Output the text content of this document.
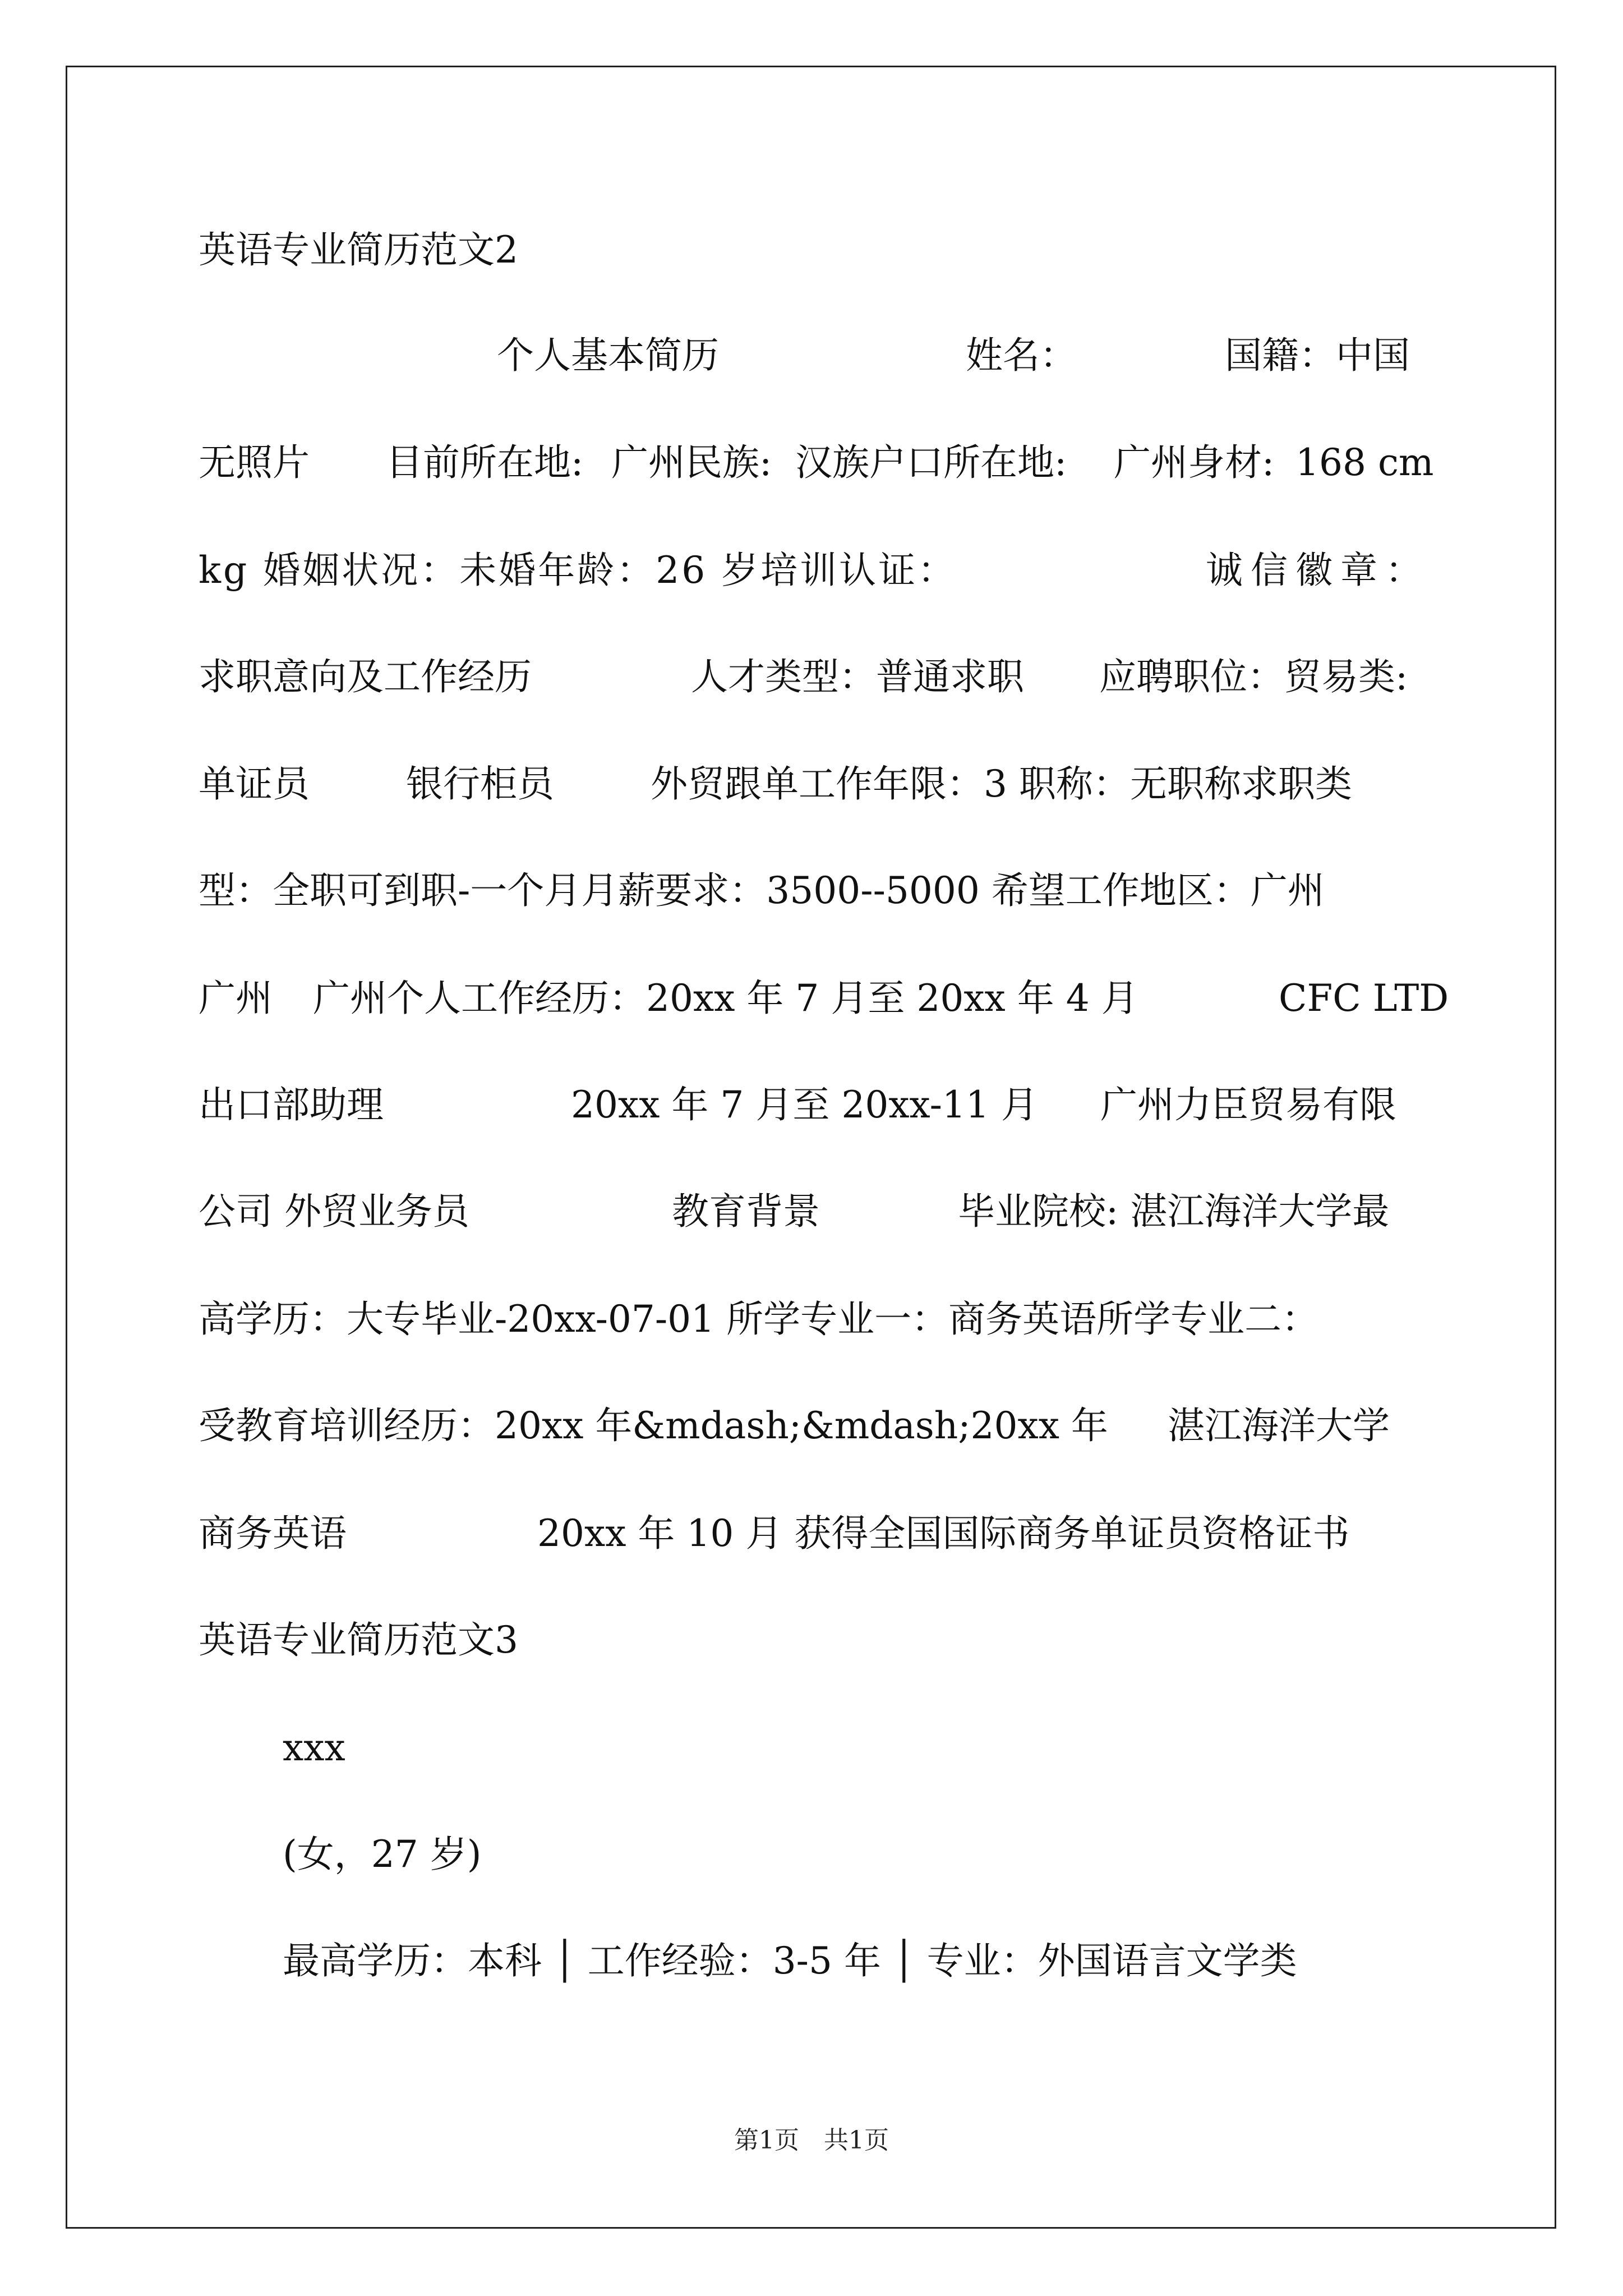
英语专业简历范文2
个人基本简历	姓名：	国籍：中国
无照片 目前所在地: 广州民族: 汉族户口所在地: 广州身材: 168 cm
kg 婚姻状况：未婚年龄：26 岁培训认证：	诚信徽章：
求职意向及工作经历	人才类型：普通求职 应聘职位：贸易类:
单证员	银行柜员	外贸跟单工作年限：3 职称：无职称求职类
型：全职可到职-一个月月薪要求：3500--5000 希望工作地区：广州
广州 广州个人工作经历：20xx 年 7 月至 20xx 年 4 月	CFC LTD
出口部助理	20xx 年 7 月至 20xx-11 月 广州力臣贸易有限
公司 外贸业务员	教育背景	毕业院校: 湛江海洋大学最
高学历：大专毕业-20xx-07-01 所学专业一：商务英语所学专业二：
受教育培训经历：20xx 年&mdash;&mdash;20xx 年 湛江海洋大学
商务英语	20xx 年 10 月 获得全国国际商务单证员资格证书
英语专业简历范文3
xxx
(女，27 岁)
最高学历：本科 │ 工作经验：3-5 年 │ 专业：外国语言文学类
第1页　共1页
